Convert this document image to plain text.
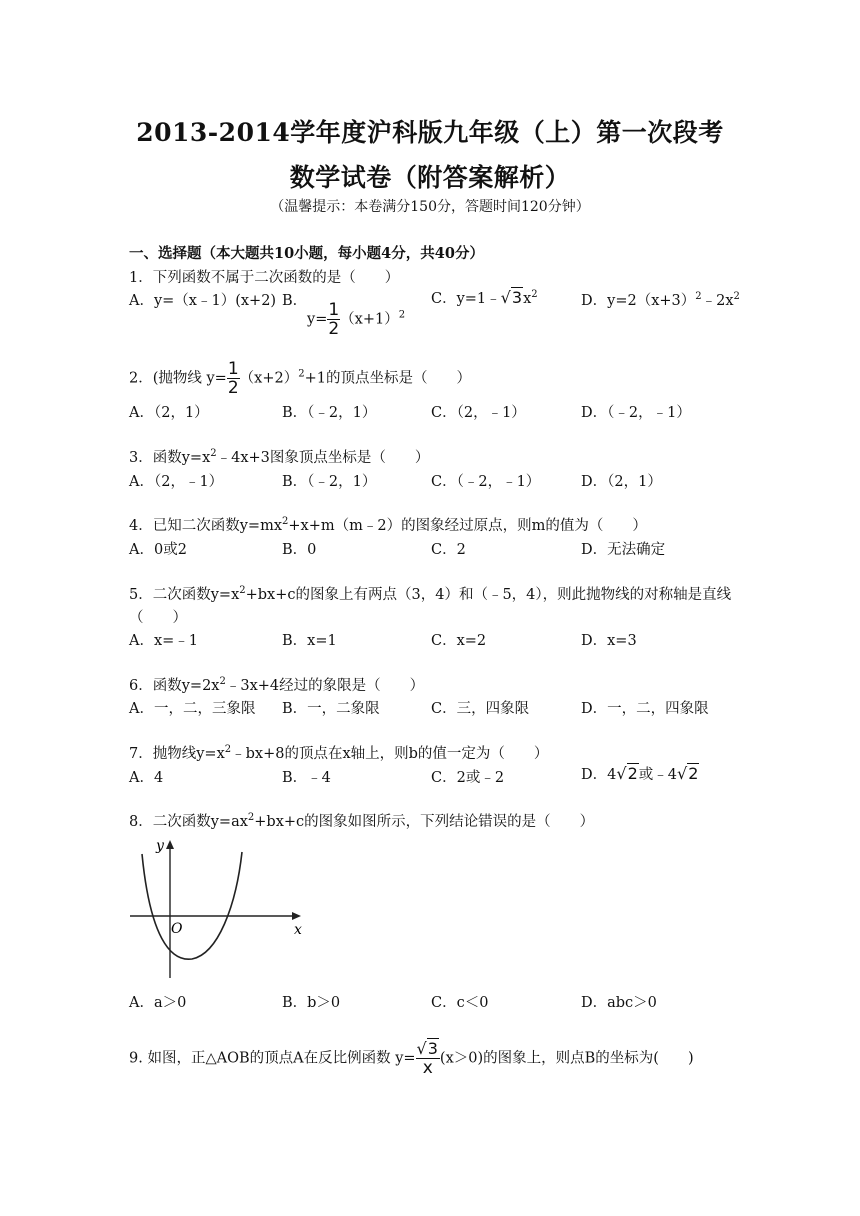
2013-2014学年度沪科版九年级（上）第一次段考
数学试卷（附答案解析）
（温馨提示：本卷满分150分，答题时间120分钟）
一、选择题（本大题共10小题，每小题4分，共40分）
1．下列函数不属于二次函数的是（　　）
A．y=（x﹣1）(x+2) B．
$y= \frac{1}{2} (x+1)^2$
C．$y=1﹣√3x^2$	D．$y=2(x+3)^2﹣2x^2$
2．(抛物线 $y= \frac{1}{2} (x+2)^2+1$的顶点坐标是（　　）
A．（2，1）	B．（﹣2，1）	C．（2，﹣1）	D．（﹣2，﹣1）
3．函数$y=x^2﹣4x+3$图象顶点坐标是（　　）
A．（2，﹣1）	B．（﹣2，1）	C．（﹣2，﹣1）	D．（2，1）
4．已知二次函数$y=mx^2+x+m(m﹣2)$的图象经过原点，则m的值为（　　）
A．0或2	B．0	C．2	D．无法确定
5．二次函数$y=x^2+bx+c$的图象上有两点（3，4）和（﹣5，4），则此抛物线的对称轴是直线
（　　）
A．x=﹣1	B．x=1	C．x=2	D．x=3
6．函数$y=2x^2﹣3x+4$经过的象限是（　　）
A．一，二，三象限 B．一，二象限	C．三，四象限	D．一，二，四象限
7．抛物线$y=x^2﹣bx+8$的顶点在x轴上，则b的值一定为（　　）
A．4	B．﹣4	C．2或﹣2	D．4√2或﹣4√2
8．二次函数$y=ax^2+bx+c$的图象如图所示，下列结论错误的是（　　）
y
x
O
A．a＞0	B．b＞0	C．c＜0	D．abc＞0
9. 如图，正△AOB的顶点A在反比例函数 $y= \frac{√3}{x} (x>0)$的图象上，则点B的坐标为(　　)
